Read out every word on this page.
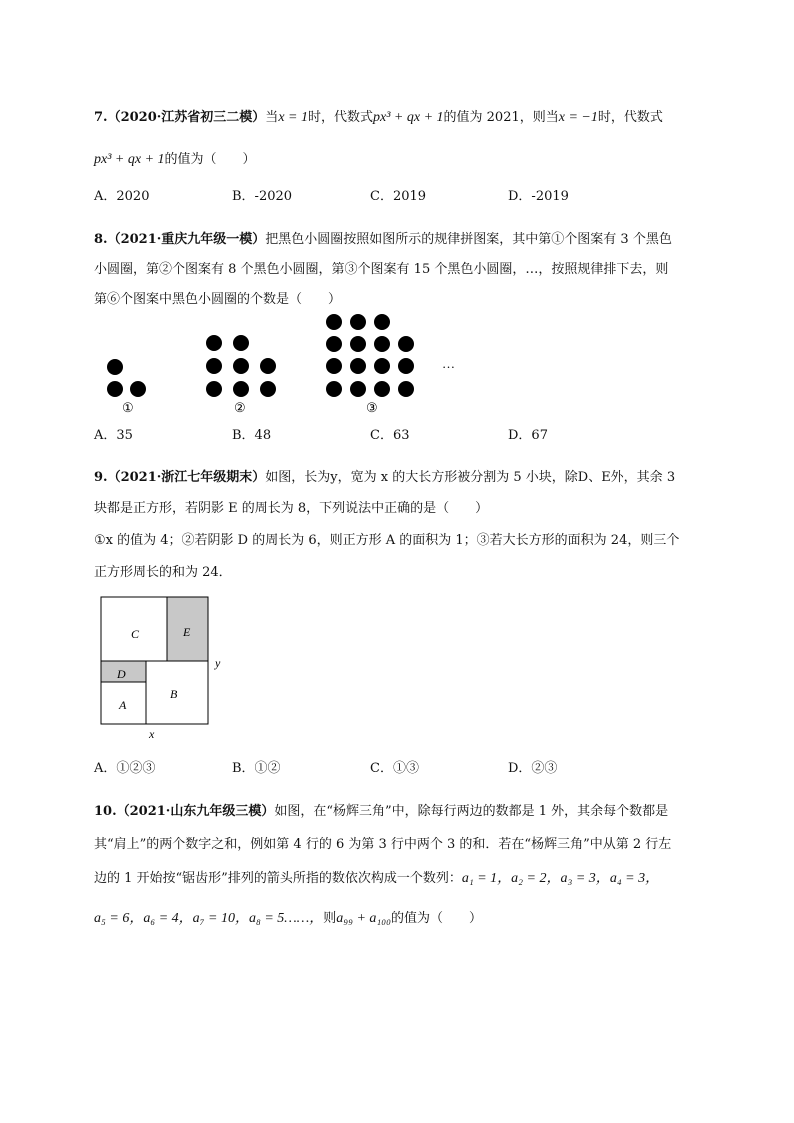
7.（2020·江苏省初三二模）当x = 1时，代数式px³ + qx + 1的值为 2021，则当x = −1时，代数式
px³ + qx + 1的值为（　　）
A．2020	B．-2020	C．2019	D．-2019
8.（2021·重庆九年级一模）把黑色小圆圈按照如图所示的规律拼图案，其中第①个图案有 3 个黑色
小圆圈，第②个图案有 8 个黑色小圆圈，第③个图案有 15 个黑色小圆圈，…，按照规律排下去，则
第⑥个图案中黑色小圆圈的个数是（　　）
…
①	②	③
A．35	B．48	C．63	D．67
9.（2021·浙江七年级期末）如图，长为y，宽为 x 的大长方形被分割为 5 小块，除D、E外，其余 3
块都是正方形，若阴影 E 的周长为 8，下列说法中正确的是（　　）
①x 的值为 4；②若阴影 D 的周长为 6，则正方形 A 的面积为 1；③若大长方形的面积为 24，则三个
正方形周长的和为 24．
C	E
D
A
B
y
x
A．①②③	B．①②	C．①③	D．②③
10.（2021·山东九年级三模）如图，在“杨辉三角”中，除每行两边的数都是 1 外，其余每个数都是
其“肩上”的两个数字之和，例如第 4 行的 6 为第 3 行中两个 3 的和．若在“杨辉三角”中从第 2 行左
边的 1 开始按“锯齿形”排列的箭头所指的数依次构成一个数列：a₁ = 1，a₂ = 2，a₃ = 3，a₄ = 3，
a₅ = 6，a₆ = 4，a₇ = 10，a₈ = 5……，则a₉₉ + a₁₀₀的值为（　　）
